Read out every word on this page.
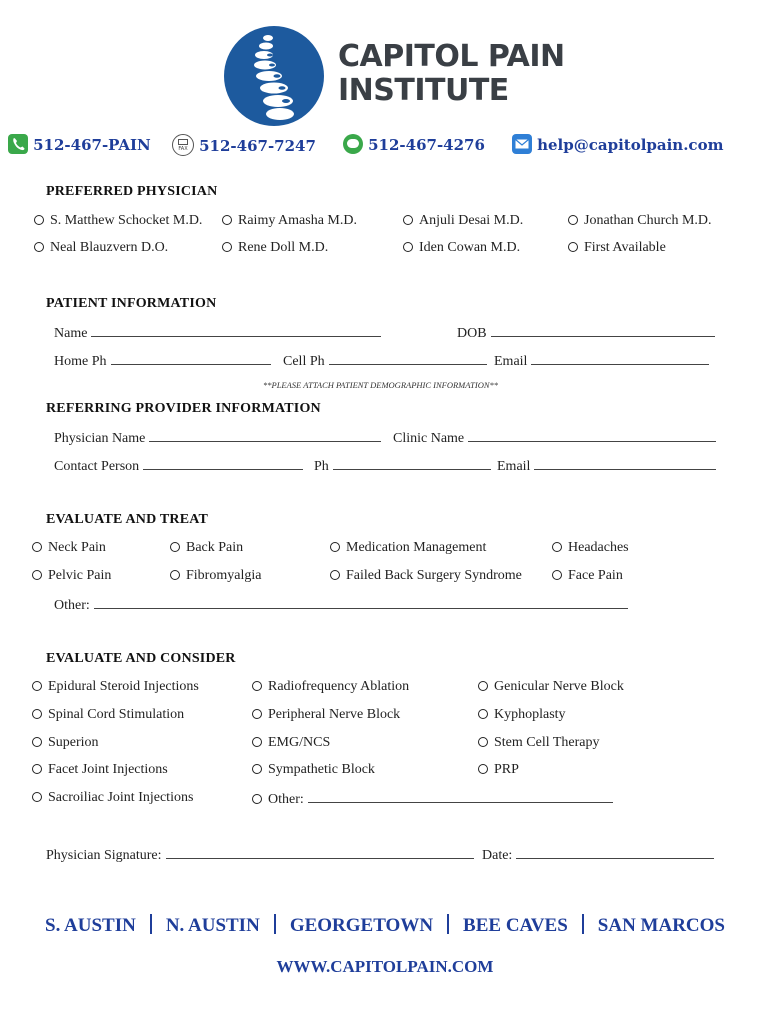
CAPITOL PAIN
INSTITUTE
512-467-PAIN	FAX 512-467-7247	512-467-4276	help@capitolpain.com
PREFERRED PHYSICIAN
S. Matthew Schocket M.D.	Raimy Amasha M.D.	Anjuli Desai M.D.	Jonathan Church M.D.
Neal Blauzvern D.O.	Rene Doll M.D.	Iden Cowan M.D.	First Available
PATIENT INFORMATION
Name	DOB
Home Ph	Cell Ph	Email
**PLEASE ATTACH PATIENT DEMOGRAPHIC INFORMATION**
REFERRING PROVIDER INFORMATION
Physician Name	Clinic Name
Contact Person	Ph	Email
EVALUATE AND TREAT
Neck Pain	Back Pain	Medication Management	Headaches
Pelvic Pain	Fibromyalgia	Failed Back Surgery Syndrome	Face Pain
Other:
EVALUATE AND CONSIDER
Epidural Steroid Injections	Radiofrequency Ablation	Genicular Nerve Block
Spinal Cord Stimulation	Peripheral Nerve Block	Kyphoplasty
Superion	EMG/NCS	Stem Cell Therapy
Facet Joint Injections	Sympathetic Block	PRP
Sacroiliac Joint Injections	Other:
Physician Signature:	Date:
S. AUSTIN N. AUSTIN GEORGETOWN BEE CAVES SAN MARCOS
WWW.CAPITOLPAIN.COM
